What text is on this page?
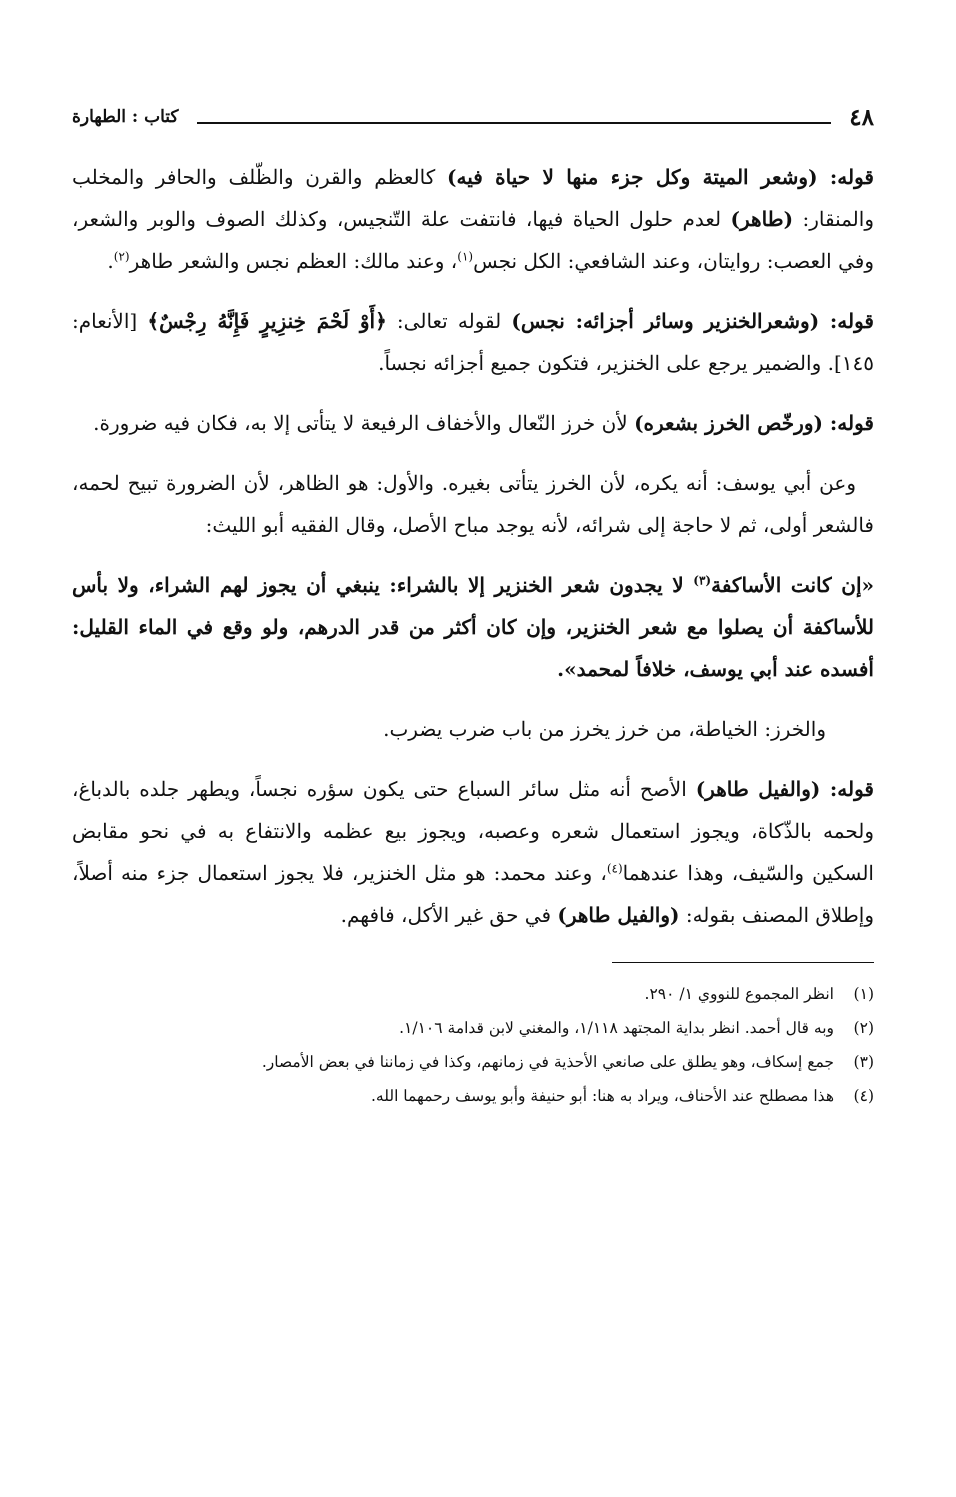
٤٨
كتاب : الطهارة

قوله: (وشعر الميتة وكل جزء منها لا حياة فيه) كالعظم والقرن والظّلف والحافر والمخلب والمنقار: (طاهر) لعدم حلول الحياة فيها، فانتفت علة التّنجيس، وكذلك الصوف والوبر والشعر، وفي العصب: روايتان، وعند الشافعي: الكل نجس$^{(١)}$، وعند مالك: العظم نجس والشعر طاهر$^{(٢)}$.

قوله: (وشعرالخنزير وسائر أجزائه: نجس) لقوله تعالى: ﴿أَوْ لَحْمَ خِنزِيرٍ فَإِنَّهُ رِجْسٌ﴾ [الأنعام: ١٤٥]. والضمير يرجع على الخنزير، فتكون جميع أجزائه نجساً.

قوله: (ورخّص الخرز بشعره) لأن خرز النّعال والأخفاف الرفيعة لا يتأتى إلا به، فكان فيه ضرورة.

وعن أبي يوسف: أنه يكره، لأن الخرز يتأتى بغيره. والأول: هو الظاهر، لأن الضرورة تبيح لحمه، فالشعر أولى، ثم لا حاجة إلى شرائه، لأنه يوجد مباح الأصل، وقال الفقيه أبو الليث:

«إن كانت الأساكفة$^{(٣)}$ لا يجدون شعر الخنزير إلا بالشراء: ينبغي أن يجوز لهم الشراء، ولا بأس للأساكفة أن يصلوا مع شعر الخنزير، وإن كان أكثر من قدر الدرهم، ولو وقع في الماء القليل: أفسده عند أبي يوسف، خلافاً لمحمد».

والخرز: الخياطة، من خرز يخرز من باب ضرب يضرب.

قوله: (والفيل طاهر) الأصح أنه مثل سائر السباع حتى يكون سؤره نجساً، ويطهر جلده بالدباغ، ولحمه بالذّكاة، ويجوز استعمال شعره وعصبه، ويجوز بيع عظمه والانتفاع به في نحو مقابض السكين والسّيف، وهذا عندهما$^{(٤)}$، وعند محمد: هو مثل الخنزير، فلا يجوز استعمال جزء منه أصلاً، وإطلاق المصنف بقوله: (والفيل طاهر) في حق غير الأكل، فافهم.

(١)
انظر المجموع للنووي ١/ ٢٩٠.
(٢)
وبه قال أحمد. انظر بداية المجتهد ١/١١٨، والمغني لابن قدامة ١/١٠٦.
(٣)
جمع إسكاف، وهو يطلق على صانعي الأحذية في زمانهم، وكذا في زماننا في بعض الأمصار.
(٤)
هذا مصطلح عند الأحناف، ويراد به هنا: أبو حنيفة وأبو يوسف رحمهما الله.
